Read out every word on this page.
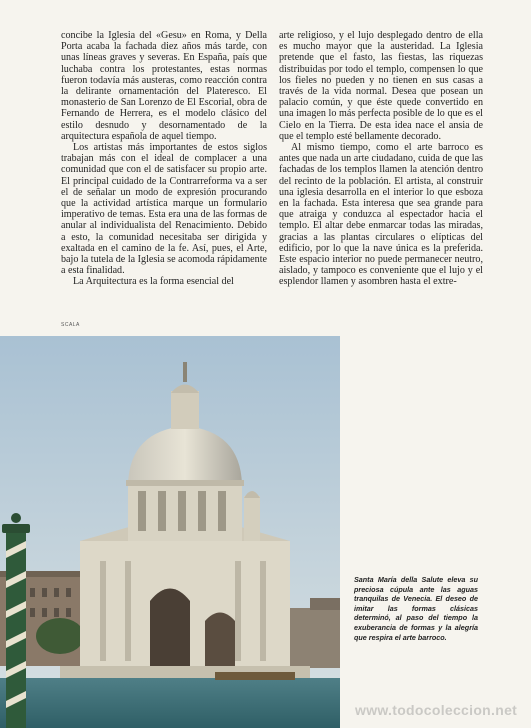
concibe la Iglesia del «Gesu» en Roma, y Della Porta acaba la fachada diez años más tarde, con unas líneas graves y severas. En España, país que luchaba contra los protestantes, estas normas fueron todavía más austeras, como reacción contra la delirante ornamentación del Plateresco. El monasterio de San Lorenzo de El Escorial, obra de Fernando de Herrera, es el modelo clásico del estilo desnudo y desornamentado de la arquitectura española de aquel tiempo.

Los artistas más importantes de estos siglos trabajan más con el ideal de complacer a una comunidad que con el de satisfacer su propio arte. El principal cuidado de la Contrarreforma va a ser el de señalar un modo de expresión procurando que la actividad artística marque un formulario imperativo de temas. Esta era una de las formas de anular al individualista del Renacimiento. Debido a esto, la comunidad necesitaba ser dirigida y exaltada en el camino de la fe. Así, pues, el Arte, bajo la tutela de la Iglesia se acomoda rápidamente a esta finalidad.

La Arquitectura es la forma esencial del

arte religioso, y el lujo desplegado dentro de ella es mucho mayor que la austeridad. La Iglesia pretende que el fasto, las fiestas, las riquezas distribuidas por todo el templo, compensen lo que los fieles no pueden y no tienen en sus casas a través de la vida normal. Desea que posean un palacio común, y que éste quede convertido en una imagen lo más perfecta posible de lo que es el Cielo en la Tierra. De esta idea nace el ansia de que el templo esté bellamente decorado.

Al mismo tiempo, como el arte barroco es antes que nada un arte ciudadano, cuida de que las fachadas de los templos llamen la atención dentro del recinto de la población. El artista, al construir una iglesia desarrolla en el interior lo que esboza en la fachada. Esta interesa que sea grande para que atraiga y conduzca al espectador hacia el templo. El altar debe enmarcar todas las miradas, gracias a las plantas circulares o elípticas del edificio, por lo que la nave única es la preferida. Este espacio interior no puede permanecer neutro, aislado, y tampoco es conveniente que el lujo y el esplendor llamen y asombren hasta el extre-

SCALA
Santa María della Salute eleva su preciosa cúpula ante las aguas tranquilas de Venecia. El deseo de imitar las formas clásicas determinó, al paso del tiempo la exuberancia de formas y la alegría que respira el arte barroco.
www.todocoleccion.net
